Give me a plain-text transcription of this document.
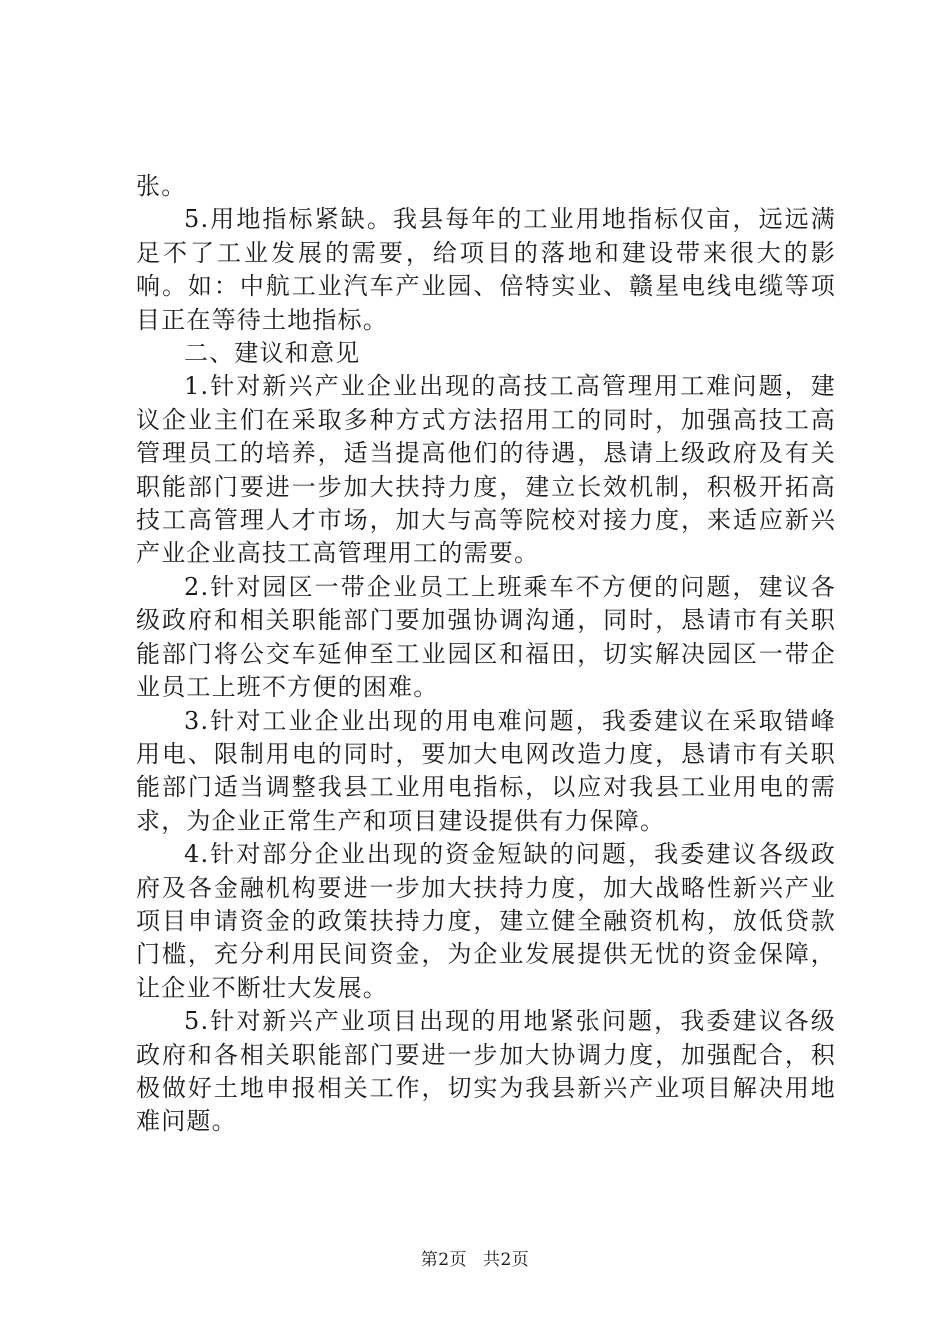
张。

5.用地指标紧缺。我县每年的工业用地指标仅亩，远远满足不了工业发展的需要，给项目的落地和建设带来很大的影响。如：中航工业汽车产业园、倍特实业、赣星电线电缆等项目正在等待土地指标。

二、建议和意见

1.针对新兴产业企业出现的高技工高管理用工难问题，建议企业主们在采取多种方式方法招用工的同时，加强高技工高管理员工的培养，适当提高他们的待遇，恳请上级政府及有关职能部门要进一步加大扶持力度，建立长效机制，积极开拓高技工高管理人才市场，加大与高等院校对接力度，来适应新兴产业企业高技工高管理用工的需要。

2.针对园区一带企业员工上班乘车不方便的问题，建议各级政府和相关职能部门要加强协调沟通，同时，恳请市有关职能部门将公交车延伸至工业园区和福田，切实解决园区一带企业员工上班不方便的困难。

3.针对工业企业出现的用电难问题，我委建议在采取错峰用电、限制用电的同时，要加大电网改造力度，恳请市有关职能部门适当调整我县工业用电指标，以应对我县工业用电的需求，为企业正常生产和项目建设提供有力保障。

4.针对部分企业出现的资金短缺的问题，我委建议各级政府及各金融机构要进一步加大扶持力度，加大战略性新兴产业项目申请资金的政策扶持力度，建立健全融资机构，放低贷款门槛，充分利用民间资金，为企业发展提供无忧的资金保障，让企业不断壮大发展。

5.针对新兴产业项目出现的用地紧张问题，我委建议各级政府和各相关职能部门要进一步加大协调力度，加强配合，积极做好土地申报相关工作，切实为我县新兴产业项目解决用地难问题。

第2页 共2页
